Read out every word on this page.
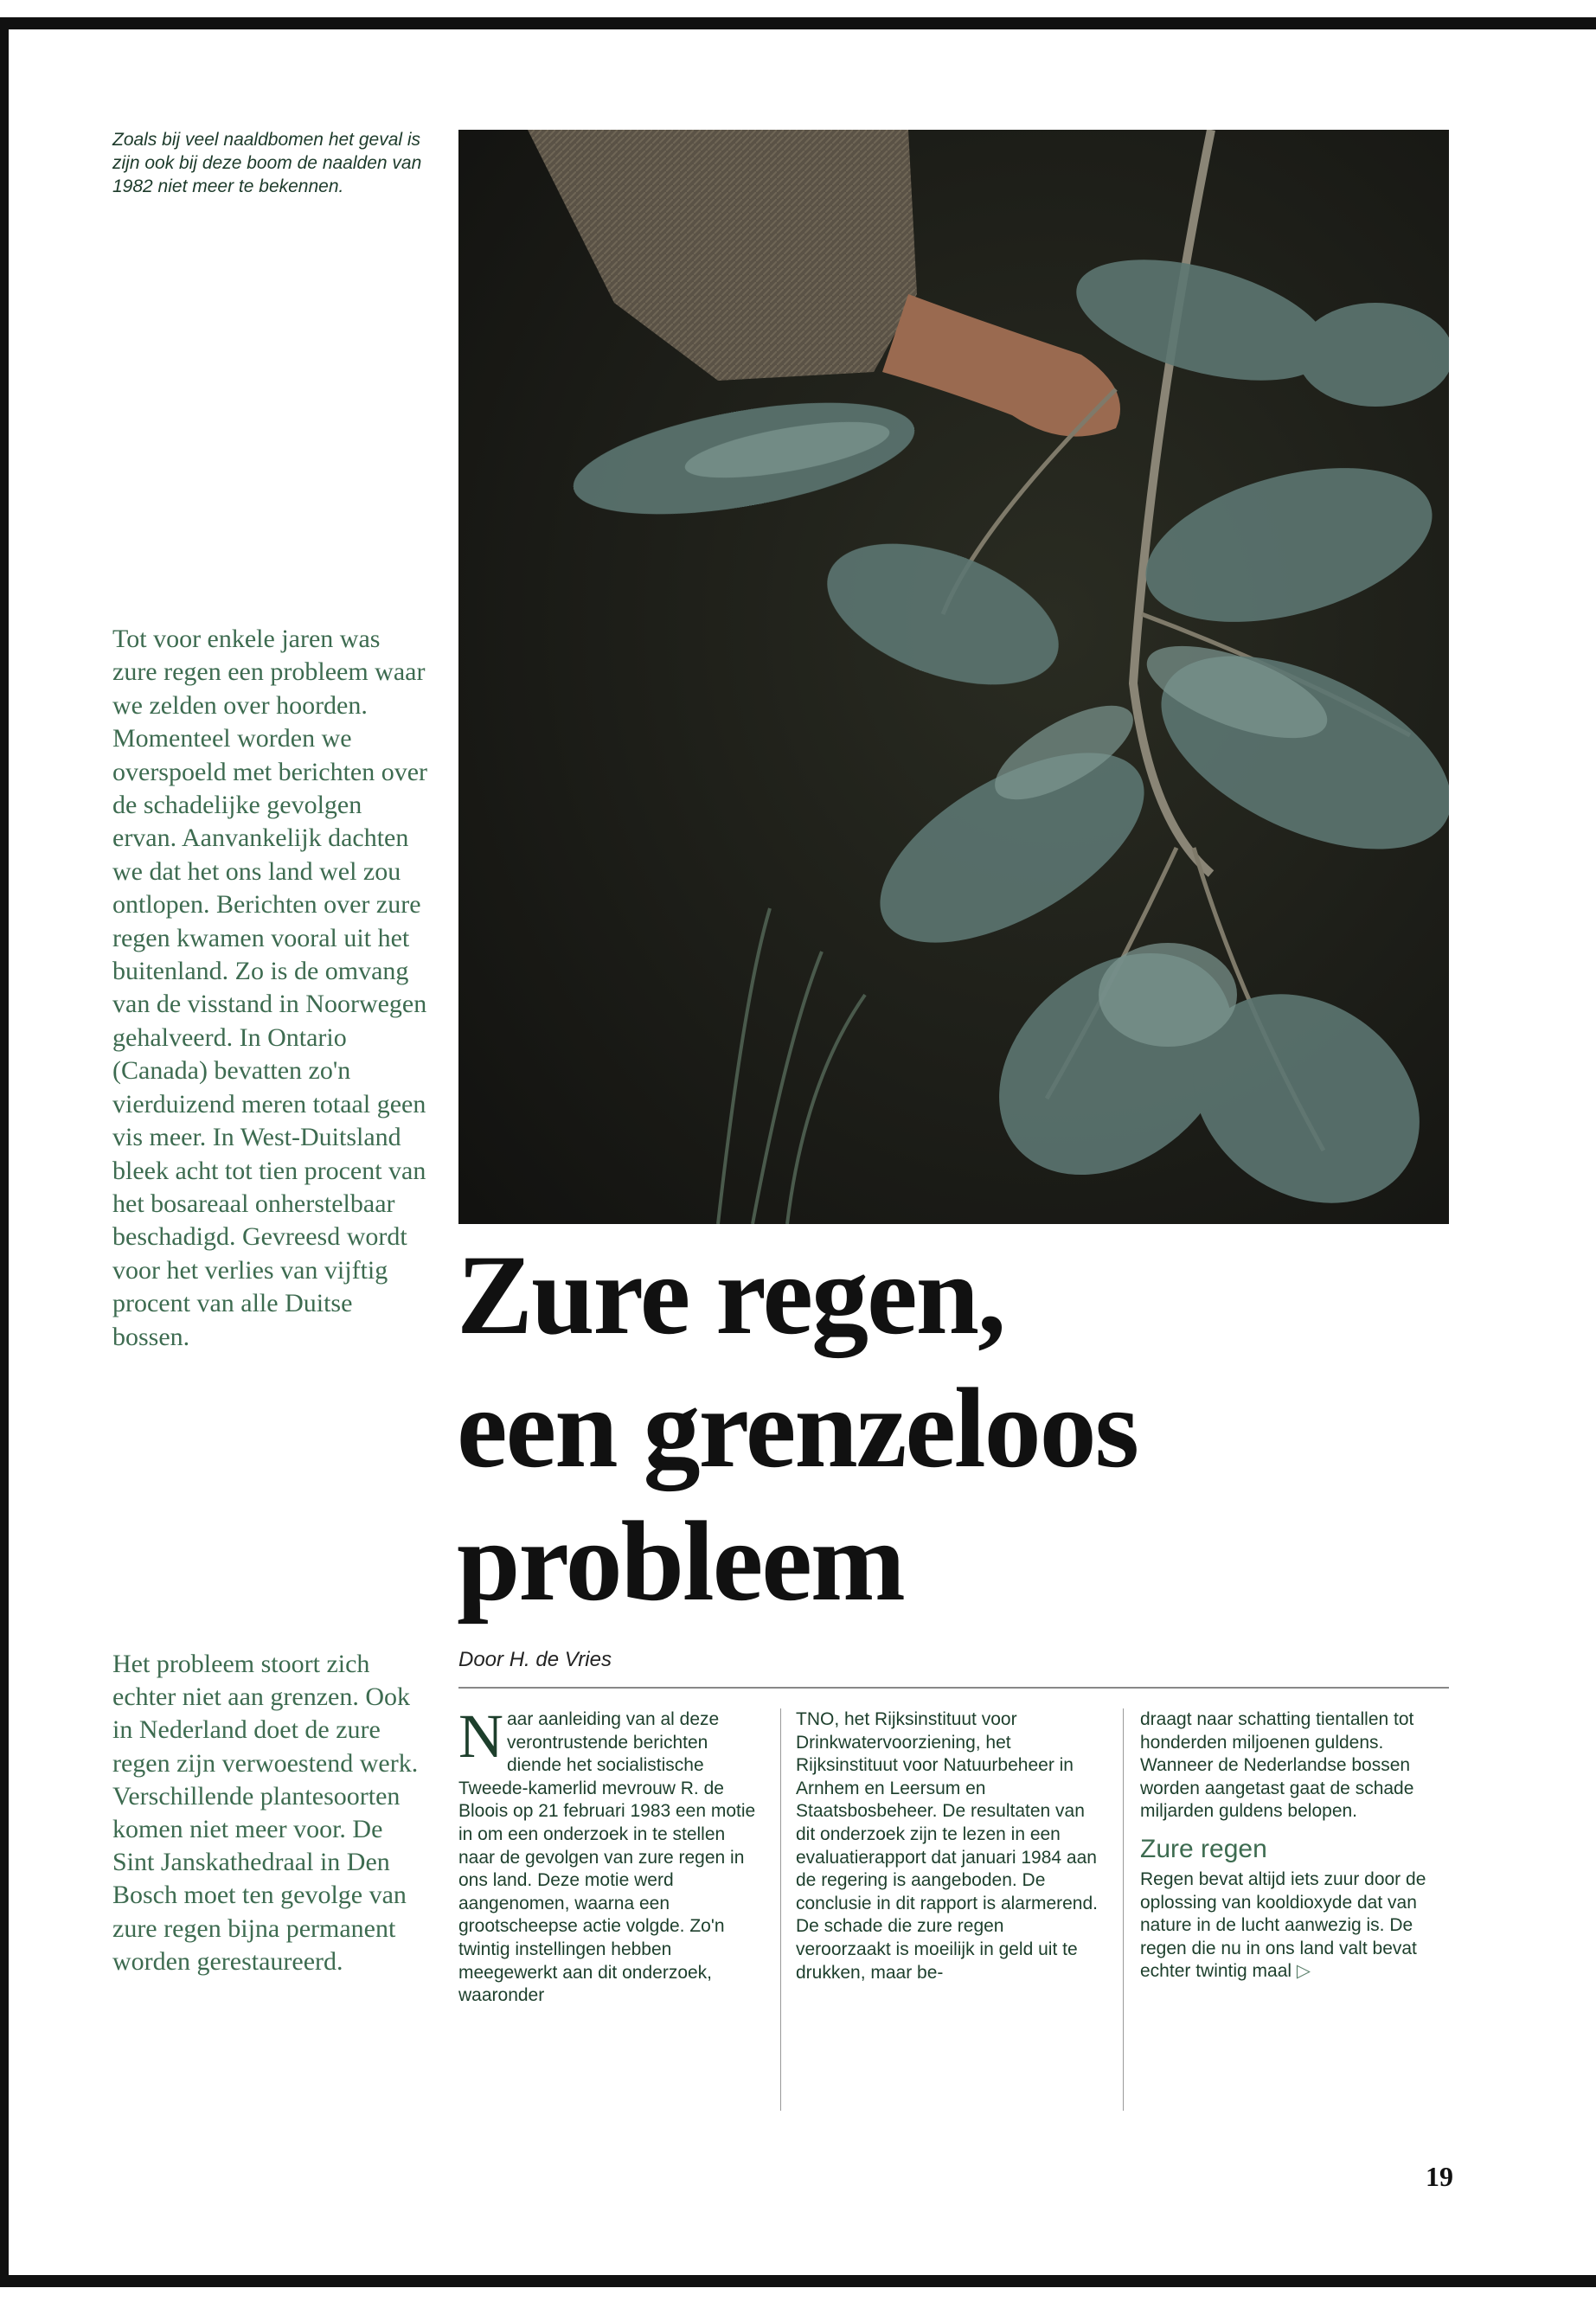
Zoals bij veel naaldbomen het geval is zijn ook bij deze boom de naalden van 1982 niet meer te bekennen.

Tot voor enkele jaren was zure regen een probleem waar we zelden over hoorden. Momenteel worden we overspoeld met berichten over de schadelijke gevolgen ervan. Aanvankelijk dachten we dat het ons land wel zou ontlopen. Berichten over zure regen kwamen vooral uit het buitenland. Zo is de omvang van de visstand in Noorwegen gehalveerd. In Ontario (Canada) bevatten zo'n vierduizend meren totaal geen vis meer. In West-Duitsland bleek acht tot tien procent van het bosareaal onherstelbaar beschadigd. Gevreesd wordt voor het verlies van vijftig procent van alle Duitse bossen.

Het probleem stoort zich echter niet aan grenzen. Ook in Nederland doet de zure regen zijn verwoestend werk. Verschillende plantesoorten komen niet meer voor. De Sint Janskathedraal in Den Bosch moet ten gevolge van zure regen bijna permanent worden gerestaureerd.

Zure regen,
een grenzeloos
probleem
Door H. de Vries

Naar aanleiding van al deze verontrustende berichten diende het socialistische Tweede-kamerlid mevrouw R. de Bloois op 21 februari 1983 een motie in om een onderzoek in te stellen naar de gevolgen van zure regen in ons land. Deze motie werd aangenomen, waarna een grootscheepse actie volgde. Zo'n twintig instellingen hebben meegewerkt aan dit onderzoek, waaronder

TNO, het Rijksinstituut voor Drinkwatervoorziening, het Rijksinstituut voor Natuurbeheer in Arnhem en Leersum en Staatsbosbeheer. De resultaten van dit onderzoek zijn te lezen in een evaluatierapport dat januari 1984 aan de regering is aangeboden. De conclusie in dit rapport is alarmerend. De schade die zure regen veroorzaakt is moeilijk in geld uit te drukken, maar be-

draagt naar schatting tientallen tot honderden miljoenen guldens. Wanneer de Nederlandse bossen worden aangetast gaat de schade miljarden guldens belopen.
Zure regen
Regen bevat altijd iets zuur door de oplossing van kooldioxyde dat van nature in de lucht aanwezig is. De regen die nu in ons land valt bevat echter twintig maal ▷

19
